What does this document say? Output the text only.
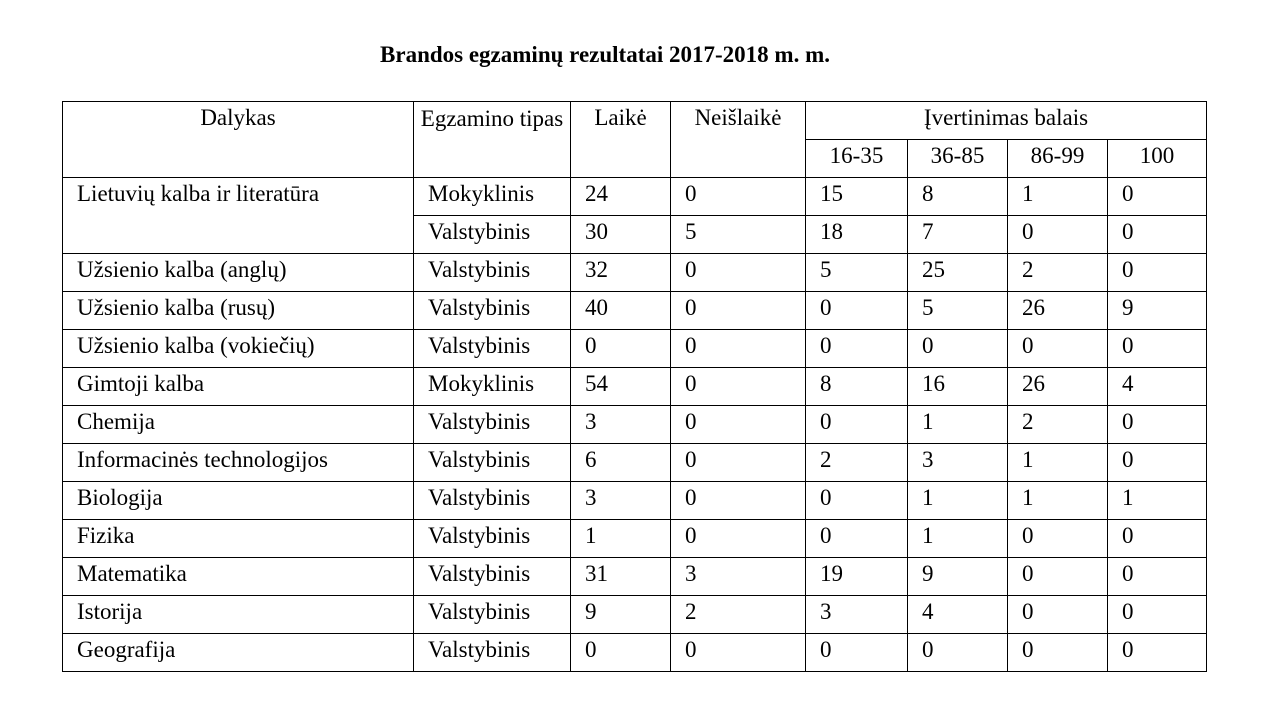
Brandos egzaminų rezultatai 2017-2018 m. m.
Dalykas	Egzamino tipas	Laikė	Neišlaikė	Įvertinimas balais			
				16-35	36-85	86-99	100
Lietuvių kalba ir literatūra	Mokyklinis	24	0	15	8	1	0
	Valstybinis	30	5	18	7	0	0
Užsienio kalba (anglų)	Valstybinis	32	0	5	25	2	0
Užsienio kalba (rusų)	Valstybinis	40	0	0	5	26	9
Užsienio kalba (vokiečių)	Valstybinis	0	0	0	0	0	0
Gimtoji kalba	Mokyklinis	54	0	8	16	26	4
Chemija	Valstybinis	3	0	0	1	2	0
Informacinės technologijos	Valstybinis	6	0	2	3	1	0
Biologija	Valstybinis	3	0	0	1	1	1
Fizika	Valstybinis	1	0	0	1	0	0
Matematika	Valstybinis	31	3	19	9	0	0
Istorija	Valstybinis	9	2	3	4	0	0
Geografija	Valstybinis	0	0	0	0	0	0
